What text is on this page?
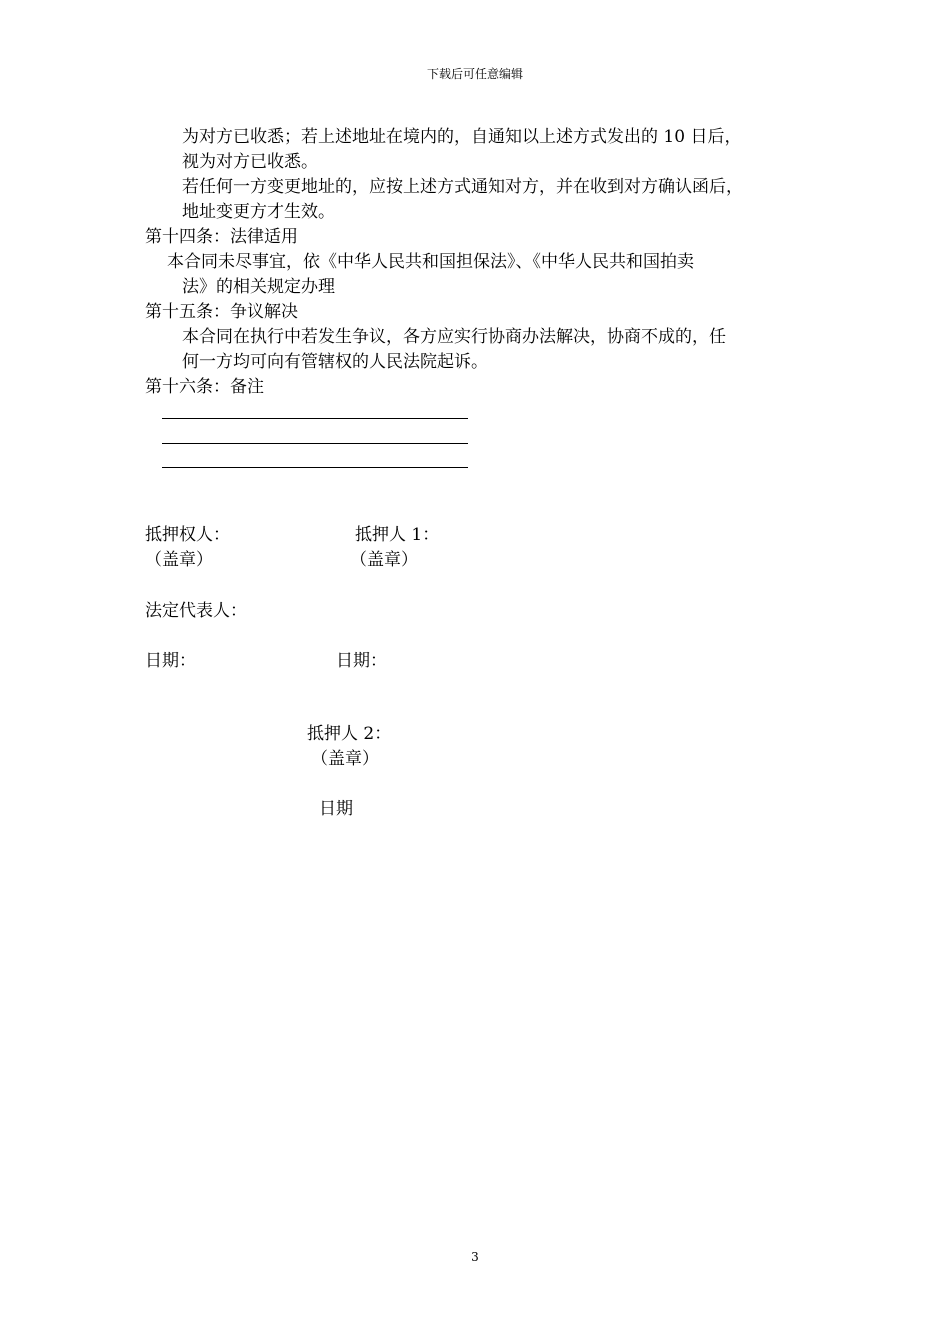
下载后可任意编辑
为对方已收悉；若上述地址在境内的，自通知以上述方式发出的 10 日后，
视为对方已收悉。
若任何一方变更地址的，应按上述方式通知对方，并在收到对方确认函后，
地址变更方才生效。
第十四条：法律适用
本合同未尽事宜，依《中华人民共和国担保法》、《中华人民共和国拍卖
法》的相关规定办理
第十五条：争议解决
本合同在执行中若发生争议，各方应实行协商办法解决，协商不成的，任
何一方均可向有管辖权的人民法院起诉。
第十六条：备注
抵押权人：	抵押人 1：
（盖章）	（盖章）
法定代表人：
日期：	日期：
抵押人 2：
（盖章）
日期
3
